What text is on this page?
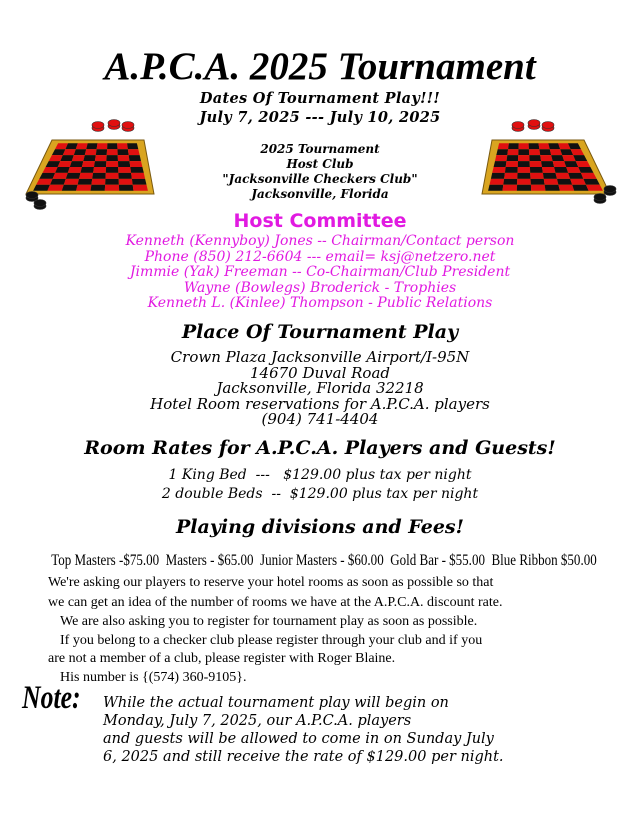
A.P.C.A. 2025 Tournament
Dates Of Tournament Play!!!
July 7, 2025 --- July 10, 2025
2025 Tournament
Host Club
"Jacksonville Checkers Club"
Jacksonville, Florida
Host Committee
Kenneth (Kennyboy) Jones -- Chairman/Contact person
Phone (850) 212-6604 --- email= ksj@netzero.net
Jimmie (Yak) Freeman -- Co-Chairman/Club President
Wayne (Bowlegs) Broderick - Trophies
Kenneth L. (Kinlee) Thompson - Public Relations
Place Of Tournament Play
Crown Plaza Jacksonville Airport/I-95N
14670 Duval Road
Jacksonville, Florida 32218
Hotel Room reservations for A.P.C.A. players
(904) 741-4404
Room Rates for A.P.C.A. Players and Guests!
1 King Bed  ---   $129.00 plus tax per night
2 double Beds  --  $129.00 plus tax per night
Playing divisions and Fees!
Top Masters -$75.00  Masters - $65.00  Junior Masters - $60.00  Gold Bar - $55.00  Blue Ribbon $50.00
We're asking our players to reserve your hotel rooms as soon as possible so that
we can get an idea of the number of rooms we have at the A.P.C.A. discount rate.
We are also asking you to register for tournament play as soon as possible.
If you belong to a checker club please register through your club and if you
are not a member of a club, please register with Roger Blaine.
His number is {(574) 360-9105}.
Note: While the actual tournament play will begin on
Monday, July 7, 2025, our A.P.C.A. players
and guests will be allowed to come in on Sunday July
6, 2025 and still receive the rate of $129.00 per night.
